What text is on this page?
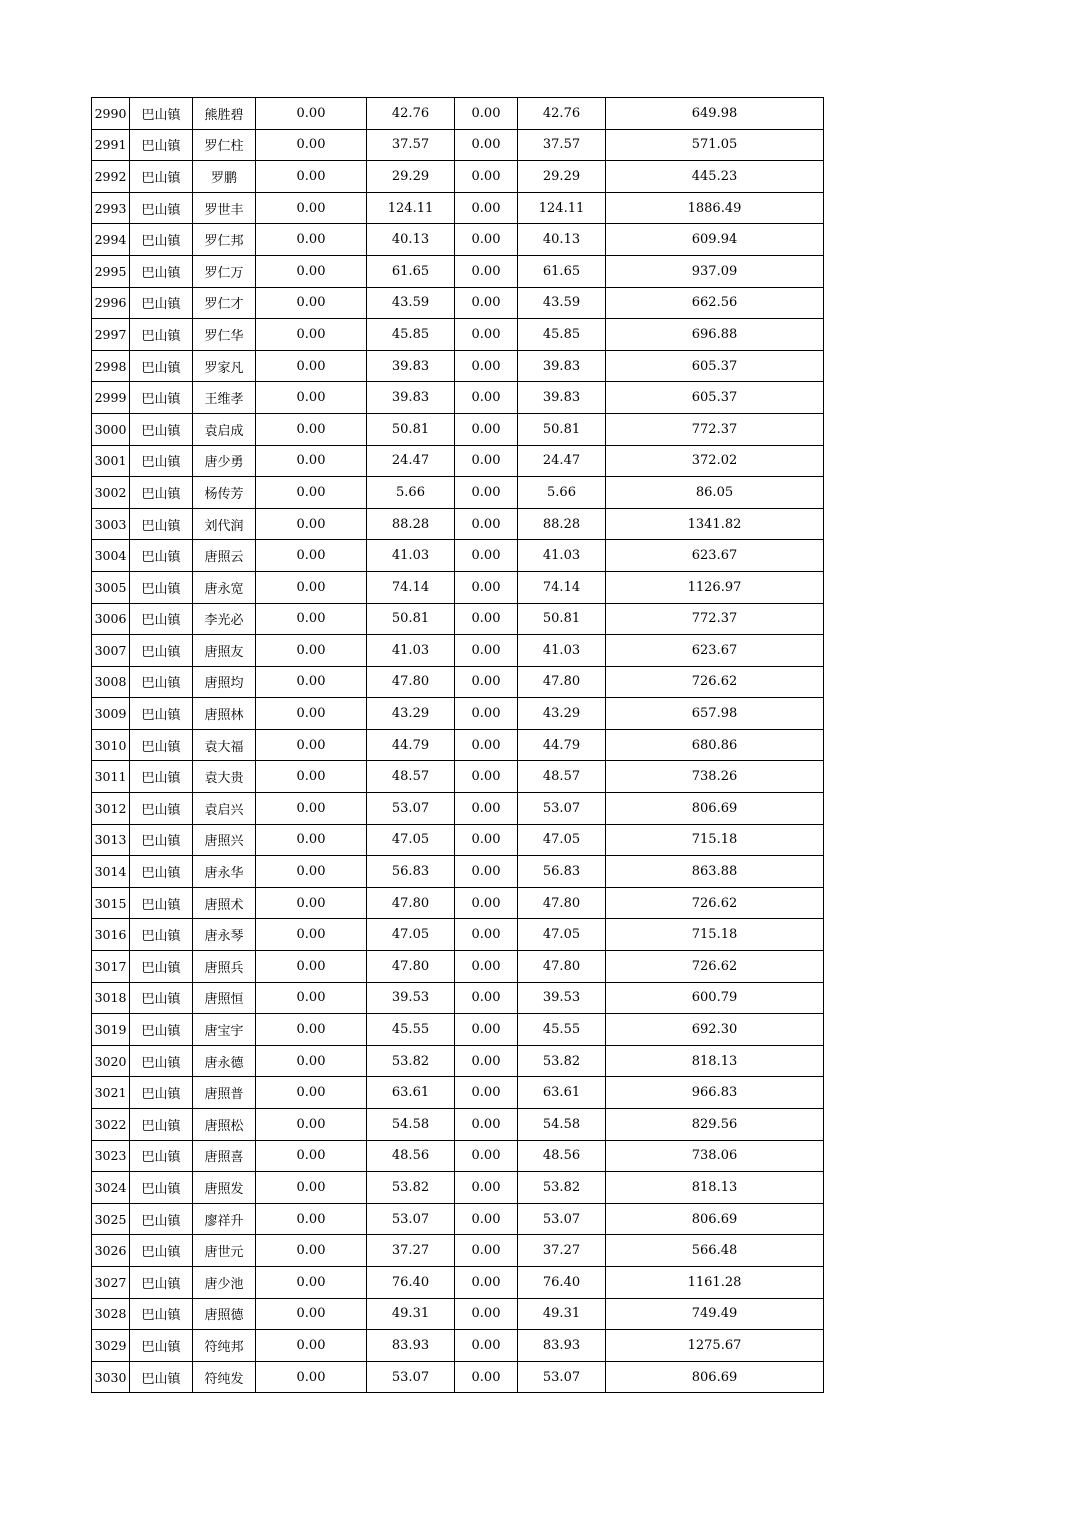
2990	巴山镇	熊胜碧	0.00	42.76	0.00	42.76	649.98
2991	巴山镇	罗仁柱	0.00	37.57	0.00	37.57	571.05
2992	巴山镇	罗鹏	0.00	29.29	0.00	29.29	445.23
2993	巴山镇	罗世丰	0.00	124.11	0.00	124.11	1886.49
2994	巴山镇	罗仁邦	0.00	40.13	0.00	40.13	609.94
2995	巴山镇	罗仁万	0.00	61.65	0.00	61.65	937.09
2996	巴山镇	罗仁才	0.00	43.59	0.00	43.59	662.56
2997	巴山镇	罗仁华	0.00	45.85	0.00	45.85	696.88
2998	巴山镇	罗家凡	0.00	39.83	0.00	39.83	605.37
2999	巴山镇	王维孝	0.00	39.83	0.00	39.83	605.37
3000	巴山镇	袁启成	0.00	50.81	0.00	50.81	772.37
3001	巴山镇	唐少勇	0.00	24.47	0.00	24.47	372.02
3002	巴山镇	杨传芳	0.00	5.66	0.00	5.66	86.05
3003	巴山镇	刘代润	0.00	88.28	0.00	88.28	1341.82
3004	巴山镇	唐照云	0.00	41.03	0.00	41.03	623.67
3005	巴山镇	唐永宽	0.00	74.14	0.00	74.14	1126.97
3006	巴山镇	李光必	0.00	50.81	0.00	50.81	772.37
3007	巴山镇	唐照友	0.00	41.03	0.00	41.03	623.67
3008	巴山镇	唐照均	0.00	47.80	0.00	47.80	726.62
3009	巴山镇	唐照林	0.00	43.29	0.00	43.29	657.98
3010	巴山镇	袁大福	0.00	44.79	0.00	44.79	680.86
3011	巴山镇	袁大贵	0.00	48.57	0.00	48.57	738.26
3012	巴山镇	袁启兴	0.00	53.07	0.00	53.07	806.69
3013	巴山镇	唐照兴	0.00	47.05	0.00	47.05	715.18
3014	巴山镇	唐永华	0.00	56.83	0.00	56.83	863.88
3015	巴山镇	唐照术	0.00	47.80	0.00	47.80	726.62
3016	巴山镇	唐永琴	0.00	47.05	0.00	47.05	715.18
3017	巴山镇	唐照兵	0.00	47.80	0.00	47.80	726.62
3018	巴山镇	唐照恒	0.00	39.53	0.00	39.53	600.79
3019	巴山镇	唐宝宇	0.00	45.55	0.00	45.55	692.30
3020	巴山镇	唐永德	0.00	53.82	0.00	53.82	818.13
3021	巴山镇	唐照普	0.00	63.61	0.00	63.61	966.83
3022	巴山镇	唐照松	0.00	54.58	0.00	54.58	829.56
3023	巴山镇	唐照喜	0.00	48.56	0.00	48.56	738.06
3024	巴山镇	唐照发	0.00	53.82	0.00	53.82	818.13
3025	巴山镇	廖祥升	0.00	53.07	0.00	53.07	806.69
3026	巴山镇	唐世元	0.00	37.27	0.00	37.27	566.48
3027	巴山镇	唐少池	0.00	76.40	0.00	76.40	1161.28
3028	巴山镇	唐照德	0.00	49.31	0.00	49.31	749.49
3029	巴山镇	符纯邦	0.00	83.93	0.00	83.93	1275.67
3030	巴山镇	符纯发	0.00	53.07	0.00	53.07	806.69
